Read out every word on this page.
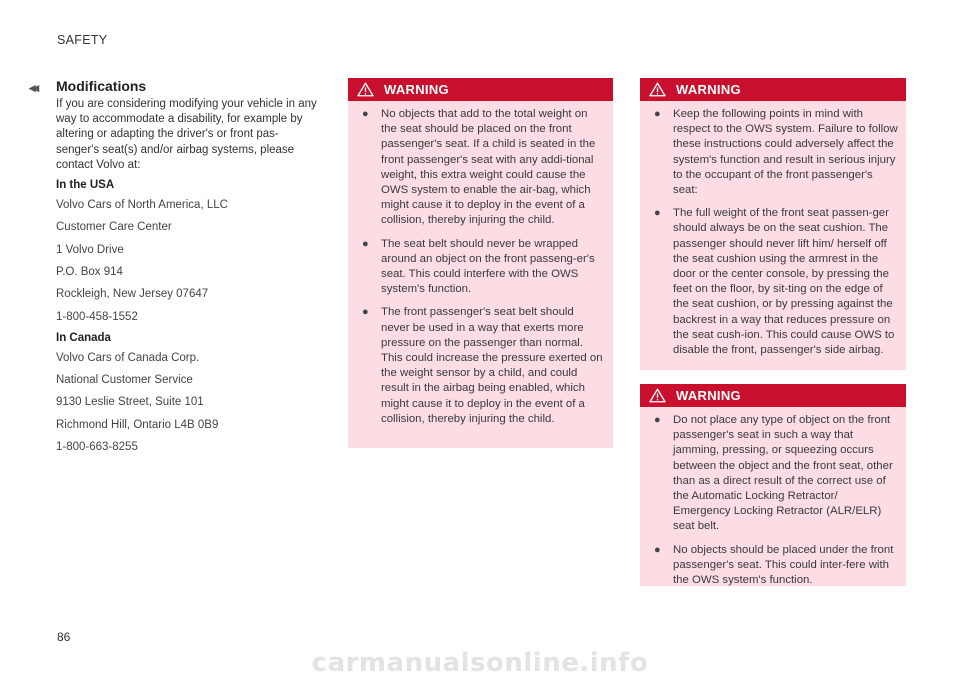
SAFETY
◂◂ Modifications

If you are considering modifying your vehicle in any way to accommodate a disability, for example by altering or adapting the driver's or front pas-senger's seat(s) and/or airbag systems, please contact Volvo at:

In the USA
Volvo Cars of North America, LLC
Customer Care Center
1 Volvo Drive
P.O. Box 914
Rockleigh, New Jersey 07647
1-800-458-1552
In Canada
Volvo Cars of Canada Corp.
National Customer Service
9130 Leslie Street, Suite 101
Richmond Hill, Ontario L4B 0B9
1-800-663-8255
WARNING
● No objects that add to the total weight on the seat should be placed on the front passenger's seat. If a child is seated in the front passenger's seat with any addi-tional weight, this extra weight could cause the OWS system to enable the air-bag, which might cause it to deploy in the event of a collision, thereby injuring the child.
● The seat belt should never be wrapped around an object on the front passeng-er's seat. This could interfere with the OWS system's function.
● The front passenger's seat belt should never be used in a way that exerts more pressure on the passenger than normal. This could increase the pressure exerted on the weight sensor by a child, and could result in the airbag being enabled, which might cause it to deploy in the event of a collision, thereby injuring the child.
WARNING
● Keep the following points in mind with respect to the OWS system. Failure to follow these instructions could adversely affect the system's function and result in serious injury to the occupant of the front passenger's seat:
● The full weight of the front seat passen-ger should always be on the seat cushion. The passenger should never lift him/ herself off the seat cushion using the armrest in the door or the center console, by pressing the feet on the floor, by sit-ting on the edge of the seat cushion, or by pressing against the backrest in a way that reduces pressure on the seat cush-ion. This could cause OWS to disable the front, passenger's side airbag.
WARNING
● Do not place any type of object on the front passenger's seat in such a way that jamming, pressing, or squeezing occurs between the object and the front seat, other than as a direct result of the correct use of the Automatic Locking Retractor/ Emergency Locking Retractor (ALR/ELR) seat belt.
● No objects should be placed under the front passenger's seat. This could inter-fere with the OWS system's function.
86
carmanualsonline.info
